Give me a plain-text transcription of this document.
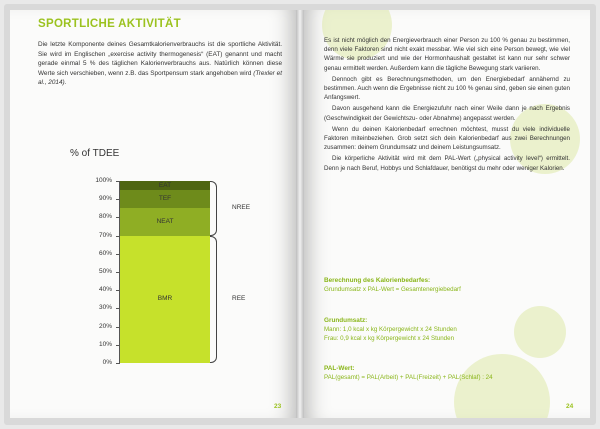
SPORTLICHE AKTIVITÄT
Die letzte Komponente deines Gesamtkalorienverbrauchs ist die sportliche Aktivität. Sie wird im Englischen „exercise activity thermogenesis“ (EAT) genannt und macht gerade einmal 5 % des täglichen Kalorienverbrauchs aus. Natürlich können diese Werte sich verschieben, wenn z.B. das Sportpensum stark angehoben wird (Trexler et al., 2014).
% of TDEE
0%
10%
20%
30%
40%
50%
60%
70%
80%
90%
100%
BMR
NEAT
TEF
EAT
NREE
REE
23

Es ist nicht möglich den Energieverbrauch einer Person zu 100 % genau zu bestimmen, denn viele Faktoren sind nicht exakt messbar. Wie viel sich eine Person bewegt, wie viel Wärme sie produziert und wie der Hormonhaushalt gestaltet ist kann nur sehr schwer genau ermittelt werden. Außerdem kann die tägliche Bewegung stark variieren.

Dennoch gibt es Berechnungsmethoden, um den Energiebedarf annähernd zu bestimmen. Auch wenn die Ergebnisse nicht zu 100 % genau sind, geben sie einen guten Anfangswert.

Davon ausgehend kann die Energiezufuhr nach einer Weile dann je nach Ergebnis (Geschwindigkeit der Gewichtszu- oder Abnahme) angepasst werden.

Wenn du deinen Kalorienbedarf errechnen möchtest, musst du viele individuelle Faktoren miteinbeziehen. Grob setzt sich dein Kalorienbedarf aus zwei Berechnungen zusammen: deinem Grundumsatz und deinem Leistungsumsatz.

Die körperliche Aktivität wird mit dem PAL-Wert („physical activity level“) ermittelt. Denn je nach Beruf, Hobbys und Schlafdauer, benötigst du mehr oder weniger Kalorien.

Berechnung des Kalorienbedarfes:
Grundumsatz x PAL-Wert = Gesamtenergiebedarf
Grundumsatz:
Mann: 1,0 kcal x kg Körpergewicht x 24 Stunden
Frau: 0,9 kcal x kg Körpergewicht x 24 Stunden
PAL-Wert:
PAL(gesamt) = PAL(Arbeit) + PAL(Freizeit) + PAL(Schlaf) : 24
24
